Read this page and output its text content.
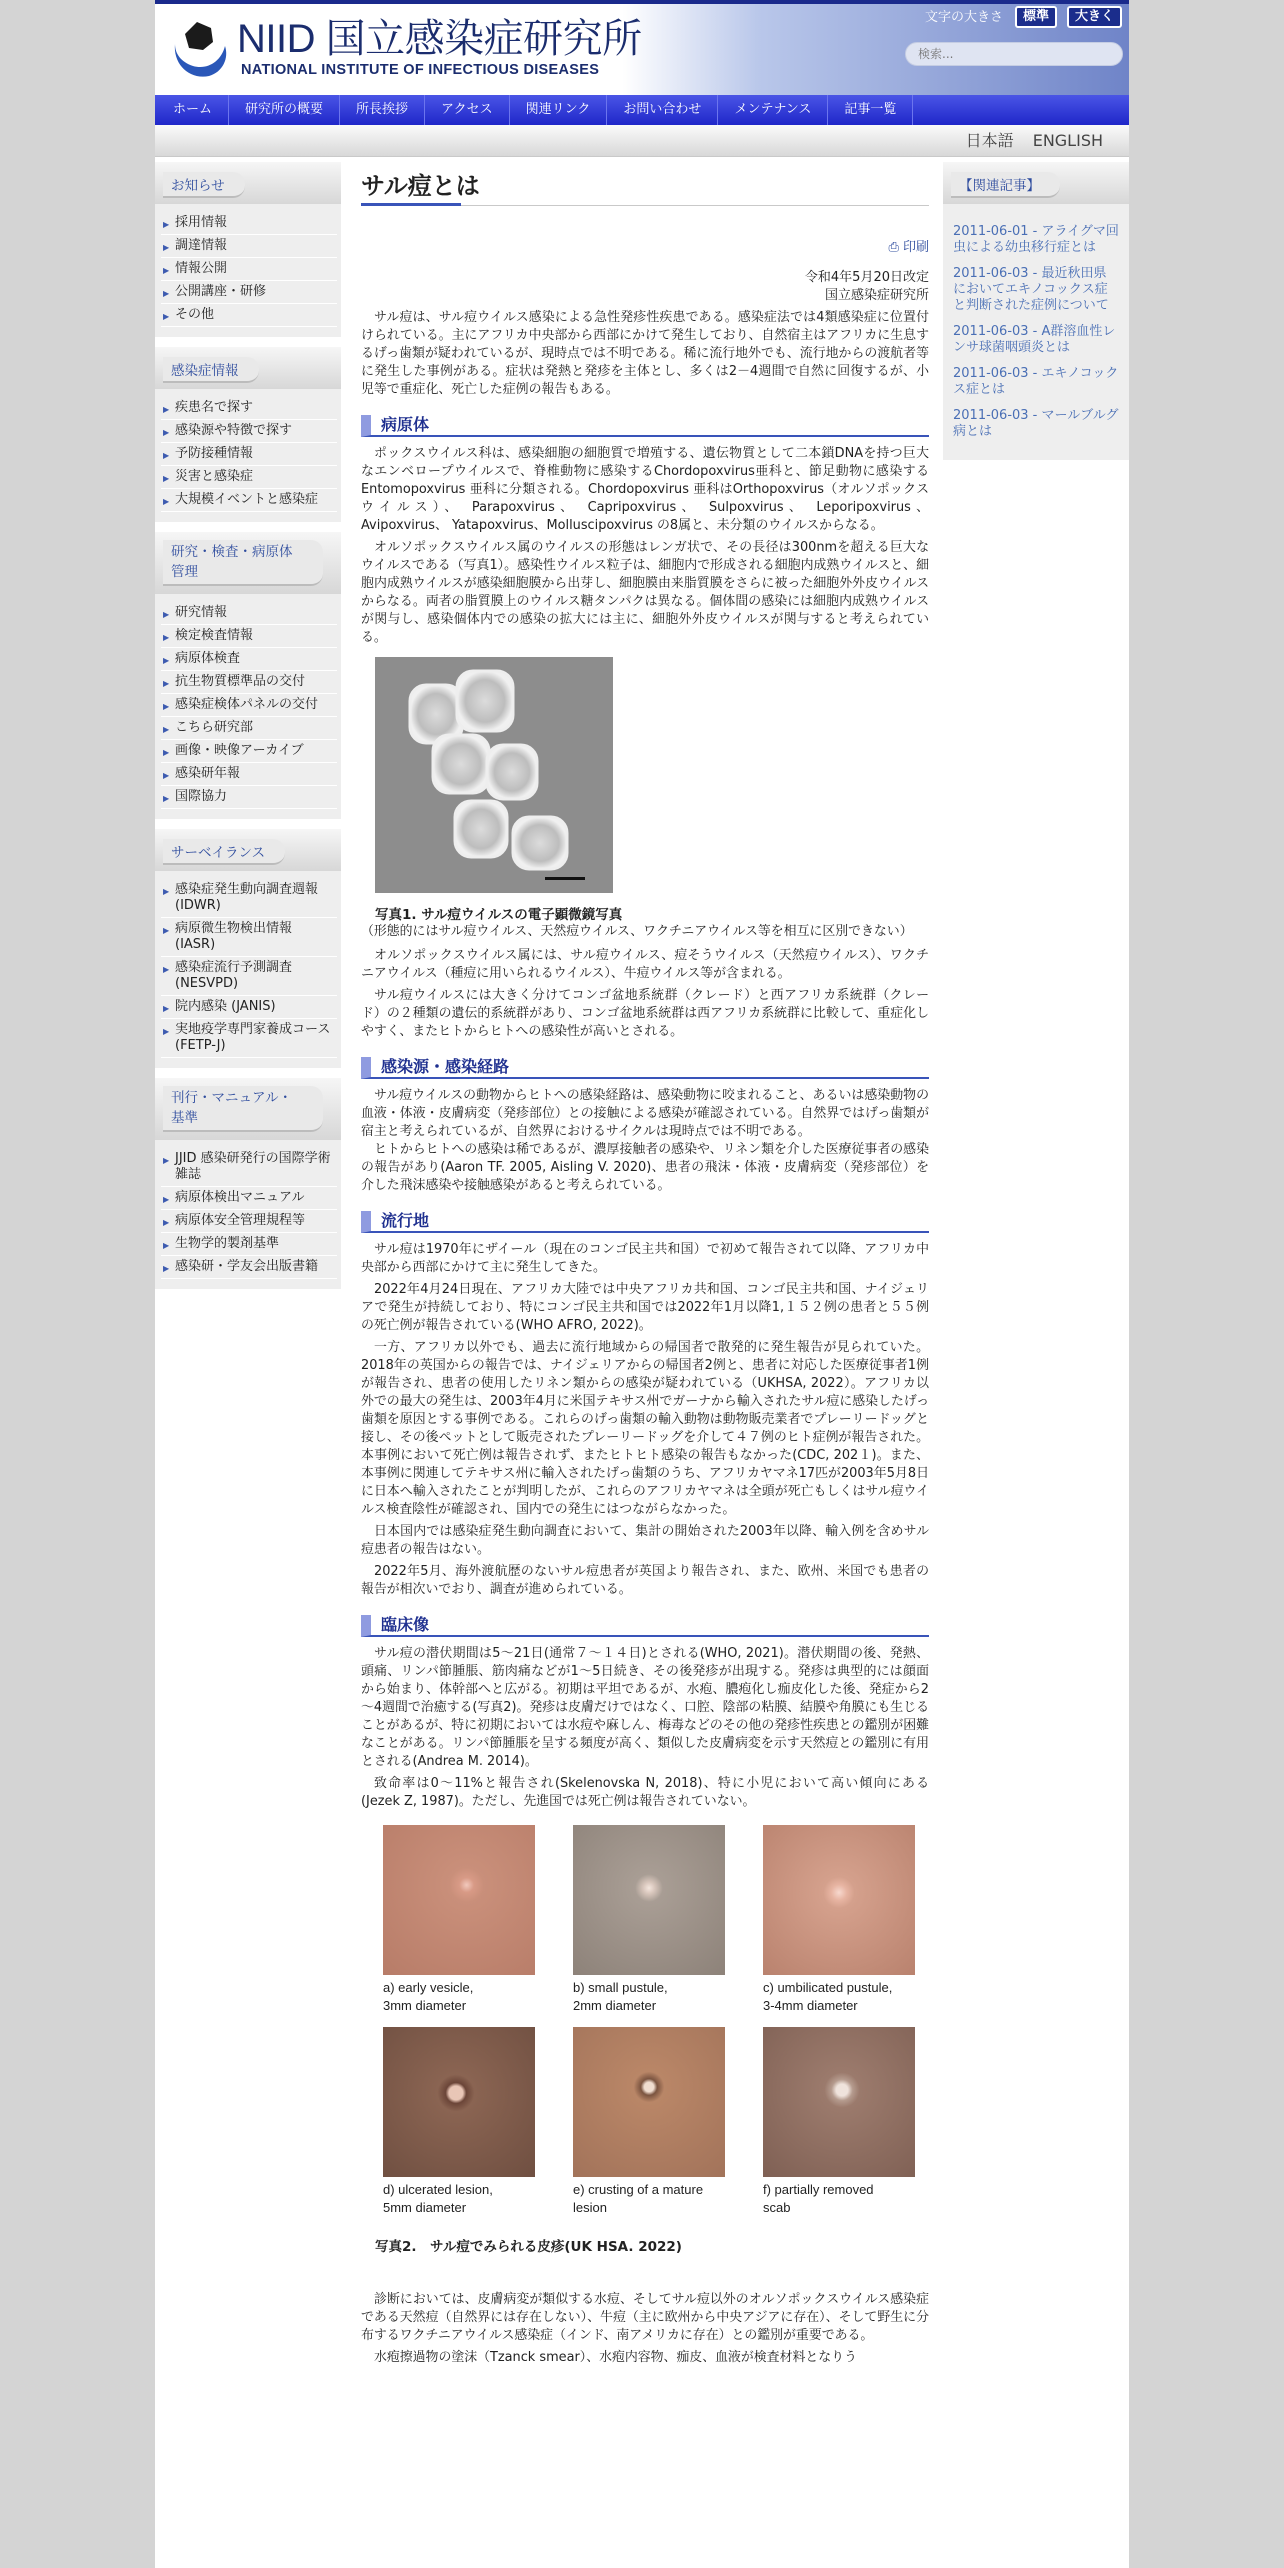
NIID 国立感染症研究所
NATIONAL INSTITUTE OF INFECTIOUS DISEASES
文字の大きさ	標準	大きく
検索...
ホーム	研究所の概要	所長挨拶	アクセス	関連リンク	お問い合わせ	メンテナンス	記事一覧
日本語 ENGLISH
お知らせ
▶ 採用情報
▶ 調達情報
▶ 情報公開
▶ 公開講座・研修
▶ その他
感染症情報
▶ 疾患名で探す
▶ 感染源や特徴で探す
▶ 予防接種情報
▶ 災害と感染症
▶ 大規模イベントと感染症
研究・検査・病原体管理
▶ 研究情報
▶ 検定検査情報
▶ 病原体検査
▶ 抗生物質標準品の交付
▶ 感染症検体パネルの交付
▶ こちら研究部
▶ 画像・映像アーカイブ
▶ 感染研年報
▶ 国際協力
サーベイランス
▶ 感染症発生動向調査週報 (IDWR)
▶ 病原微生物検出情報 (IASR)
▶ 感染症流行予測調査 (NESVPD)
▶ 院内感染 (JANIS)
▶ 実地疫学専門家養成コース (FETP-J)
刊行・マニュアル・基準
▶ JJID 感染研発行の国際学術雑誌
▶ 病原体検出マニュアル
▶ 病原体安全管理規程等
▶ 生物学的製剤基準
▶ 感染研・学友会出版書籍
サル痘とは
⎙ 印刷
令和4年5月20日改定
国立感染症研究所

サル痘は、サル痘ウイルス感染による急性発疹性疾患である。感染症法では4類感染症に位置付けられている。主にアフリカ中央部から西部にかけて発生しており、自然宿主はアフリカに生息するげっ歯類が疑われているが、現時点では不明である。稀に流行地外でも、流行地からの渡航者等に発生した事例がある。症状は発熱と発疹を主体とし、多くは2－4週間で自然に回復するが、小児等で重症化、死亡した症例の報告もある。

病原体

ポックスウイルス科は、感染細胞の細胞質で増殖する、遺伝物質として二本鎖DNAを持つ巨大なエンベロープウイルスで、脊椎動物に感染するChordopoxvirus亜科と、節足動物に感染する Entomopoxvirus 亜科に分類される。Chordopoxvirus 亜科はOrthopoxvirus（オルソポックスウイルス）、 Parapoxvirus、 Capripoxvirus、 Sulpoxvirus、 Leporipoxvirus、 Avipoxvirus、 Yatapoxvirus、Molluscipoxvirus の8属と、未分類のウイルスからなる。

オルソポックスウイルス属のウイルスの形態はレンガ状で、その長径は300nmを超える巨大なウイルスである（写真1）。感染性ウイルス粒子は、細胞内で形成される細胞内成熟ウイルスと、細胞内成熟ウイルスが感染細胞膜から出芽し、細胞膜由来脂質膜をさらに被った細胞外外皮ウイルスからなる。両者の脂質膜上のウイルス糖タンパクは異なる。個体間の感染には細胞内成熟ウイルスが関与し、感染個体内での感染の拡大には主に、細胞外外皮ウイルスが関与すると考えられている。

写真1. サル痘ウイルスの電子顕微鏡写真

（形態的にはサル痘ウイルス、天然痘ウイルス、ワクチニアウイルス等を相互に区別できない）

オルソポックスウイルス属には、サル痘ウイルス、痘そうウイルス（天然痘ウイルス）、ワクチニアウイルス（種痘に用いられるウイルス）、牛痘ウイルス等が含まれる。

サル痘ウイルスには大きく分けてコンゴ盆地系統群（クレード）と西アフリカ系統群（クレード）の２種類の遺伝的系統群があり、コンゴ盆地系統群は西アフリカ系統群に比較して、重症化しやすく、またヒトからヒトへの感染性が高いとされる。

感染源・感染経路

サル痘ウイルスの動物からヒトへの感染経路は、感染動物に咬まれること、あるいは感染動物の血液・体液・皮膚病変（発疹部位）との接触による感染が確認されている。自然界ではげっ歯類が宿主と考えられているが、自然界におけるサイクルは現時点では不明である。

ヒトからヒトへの感染は稀であるが、濃厚接触者の感染や、リネン類を介した医療従事者の感染の報告があり(Aaron TF. 2005, Aisling V. 2020)、患者の飛沫・体液・皮膚病変（発疹部位）を介した飛沫感染や接触感染があると考えられている。

流行地

サル痘は1970年にザイール（現在のコンゴ民主共和国）で初めて報告されて以降、アフリカ中央部から西部にかけて主に発生してきた。

2022年4月24日現在、アフリカ大陸では中央アフリカ共和国、コンゴ民主共和国、ナイジェリアで発生が持続しており、特にコンゴ民主共和国では2022年1月以降1,１５２例の患者と５５例の死亡例が報告されている(WHO AFRO, 2022)。

一方、アフリカ以外でも、過去に流行地域からの帰国者で散発的に発生報告が見られていた。2018年の英国からの報告では、ナイジェリアからの帰国者2例と、患者に対応した医療従事者1例が報告され、患者の使用したリネン類からの感染が疑われている（UKHSA, 2022）。アフリカ以外での最大の発生は、2003年4月に米国テキサス州でガーナから輸入されたサル痘に感染したげっ歯類を原因とする事例である。これらのげっ歯類の輸入動物は動物販売業者でプレーリードッグと接し、その後ペットとして販売されたプレーリードッグを介して４７例のヒト症例が報告された。本事例において死亡例は報告されず、またヒトヒト感染の報告もなかった(CDC, 202１)。また、本事例に関連してテキサス州に輸入されたげっ歯類のうち、アフリカヤマネ17匹が2003年5月8日に日本へ輸入されたことが判明したが、これらのアフリカヤマネは全頭が死亡もしくはサル痘ウイルス検査陰性が確認され、国内での発生にはつながらなかった。

日本国内では感染症発生動向調査において、集計の開始された2003年以降、輸入例を含めサル痘患者の報告はない。

2022年5月、海外渡航歴のないサル痘患者が英国より報告され、また、欧州、米国でも患者の報告が相次いでおり、調査が進められている。

臨床像

サル痘の潜伏期間は5～21日(通常７～１４日)とされる(WHO, 2021)。潜伏期間の後、発熱、頭痛、リンパ節腫脹、筋肉痛などが1～5日続き、その後発疹が出現する。発疹は典型的には顔面から始まり、体幹部へと広がる。初期は平坦であるが、水疱、膿疱化し痂皮化した後、発症から2～4週間で治癒する(写真2)。発疹は皮膚だけではなく、口腔、陰部の粘膜、結膜や角膜にも生じることがあるが、特に初期においては水痘や麻しん、梅毒などのその他の発疹性疾患との鑑別が困難なことがある。リンパ節腫脹を呈する頻度が高く、類似した皮膚病変を示す天然痘との鑑別に有用とされる(Andrea M. 2014)。

致命率は0～11%と報告され(Skelenovska N, 2018)、特に小児において高い傾向にある(Jezek Z, 1987)。ただし、先進国では死亡例は報告されていない。

a) early vesicle,
3mm diameter
b) small pustule,
2mm diameter
c) umbilicated pustule,
3-4mm diameter
d) ulcerated lesion,
5mm diameter
e) crusting of a mature
lesion
f) partially removed
scab
写真2.　サル痘でみられる皮疹(UK HSA. 2022)

診断においては、皮膚病変が類似する水痘、そしてサル痘以外のオルソポックスウイルス感染症である天然痘（自然界には存在しない）、牛痘（主に欧州から中央アジアに存在）、そして野生に分布するワクチニアウイルス感染症（インド、南アメリカに存在）との鑑別が重要である。

水疱擦過物の塗沫（Tzanck smear）、水疱内容物、痂皮、血液が検査材料となりう

【関連記事】
2011-06-01 - アライグマ回虫による幼虫移行症とは
2011-06-03 - 最近秋田県においてエキノコックス症と判断された症例について
2011-06-03 - A群溶血性レンサ球菌咽頭炎とは
2011-06-03 - エキノコックス症とは
2011-06-03 - マールブルグ病とは
